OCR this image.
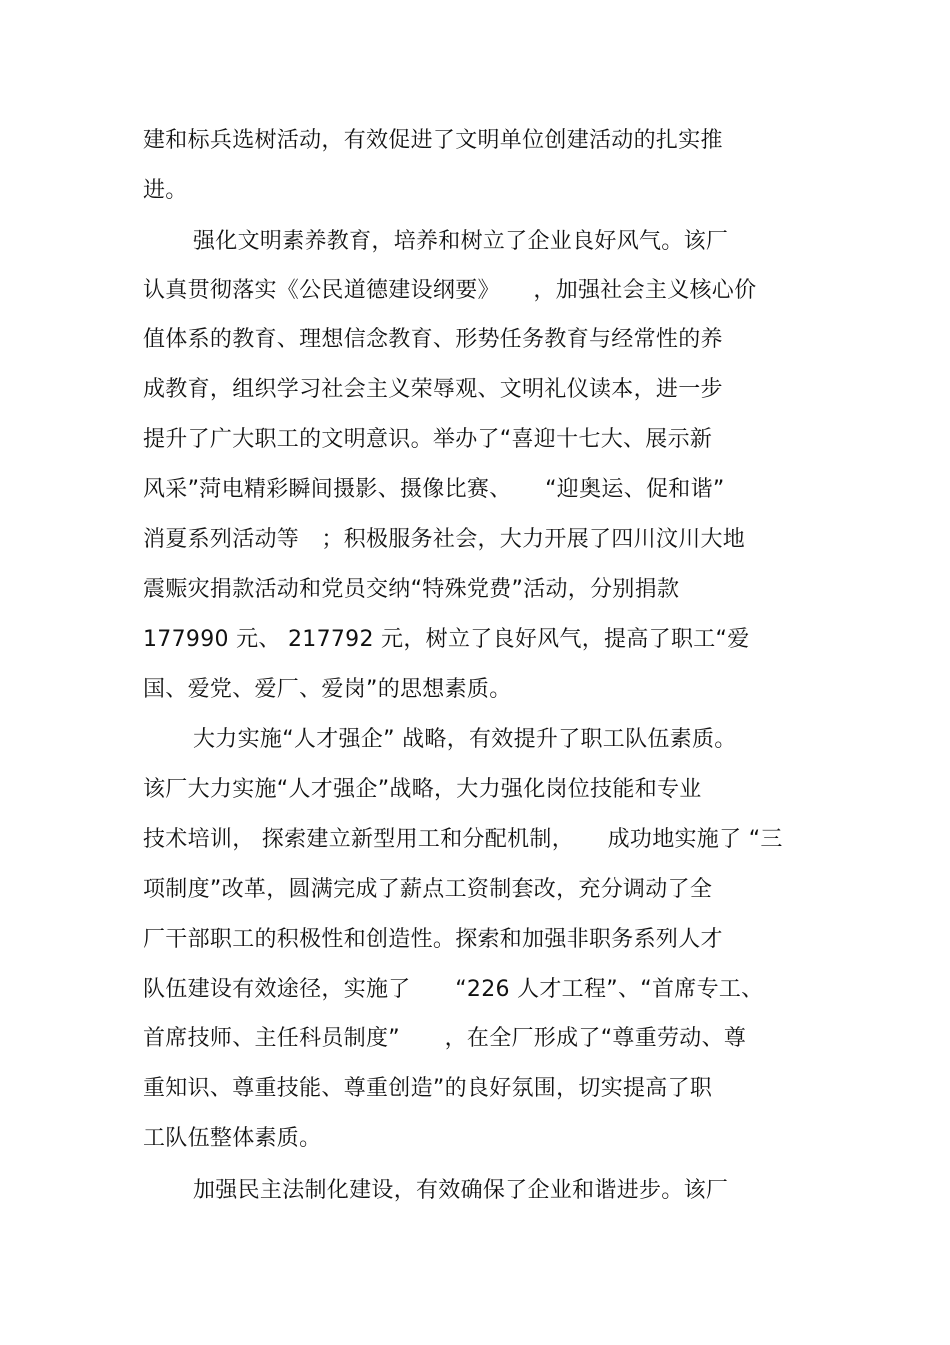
建和标兵选树活动，有效促进了文明单位创建活动的扎实推
进。
强化文明素养教育，培养和树立了企业良好风气。该厂
认真贯彻落实《公民道德建设纲要》　　，加强社会主义核心价
值体系的教育、理想信念教育、形势任务教育与经常性的养
成教育，组织学习社会主义荣辱观、文明礼仪读本，进一步
提升了广大职工的文明意识。举办了“喜迎十七大、展示新
风采”菏电精彩瞬间摄影、摄像比赛、　　“迎奥运、促和谐”
消夏系列活动等　；积极服务社会，大力开展了四川汶川大地
震赈灾捐款活动和党员交纳“特殊党费”活动，分别捐款
177990 元、 217792 元，树立了良好风气，提高了职工“爱
国、爱党、爱厂、爱岗”的思想素质。
大力实施“人才强企” 战略，有效提升了职工队伍素质。
该厂大力实施“人才强企”战略，大力强化岗位技能和专业
技术培训， 探索建立新型用工和分配机制，　　成功地实施了 “三
项制度”改革，圆满完成了薪点工资制套改，充分调动了全
厂干部职工的积极性和创造性。探索和加强非职务系列人才
队伍建设有效途径，实施了　　“226 人才工程”、“首席专工、
首席技师、主任科员制度”　　，在全厂形成了“尊重劳动、尊
重知识、尊重技能、尊重创造”的良好氛围，切实提高了职
工队伍整体素质。
加强民主法制化建设，有效确保了企业和谐进步。该厂
